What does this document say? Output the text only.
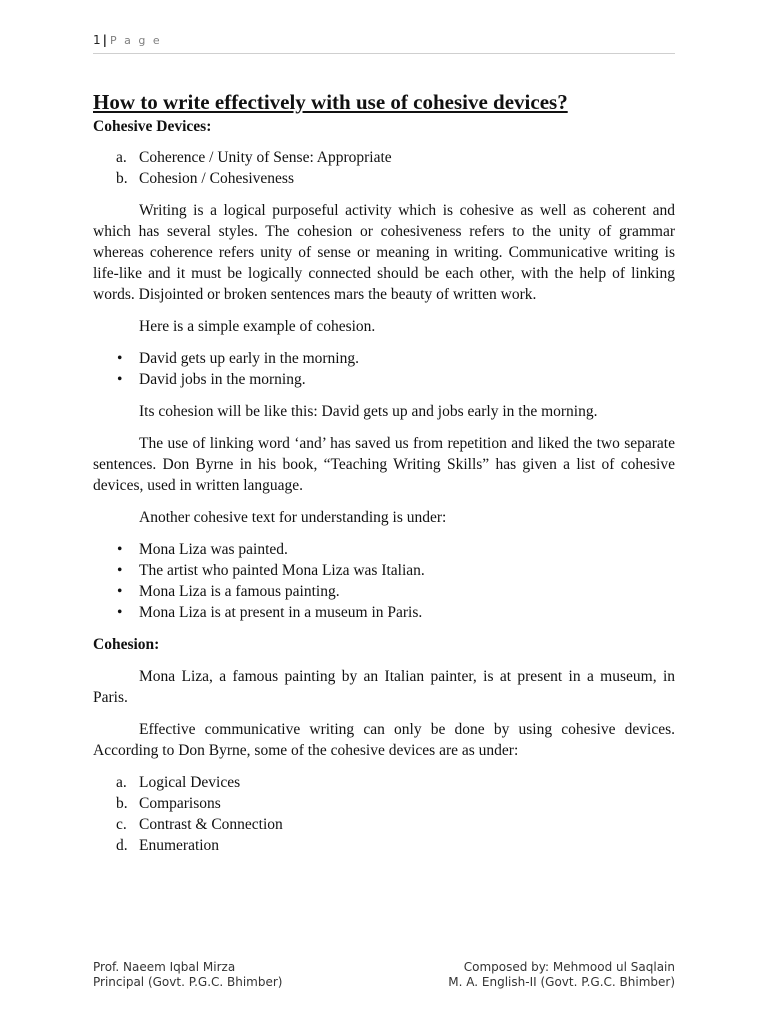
1 | P a g e
How to write effectively with use of cohesive devices?

Cohesive Devices:

a. Coherence / Unity of Sense: Appropriate
b. Cohesion / Cohesiveness

Writing is a logical purposeful activity which is cohesive as well as coherent and which has several styles. The cohesion or cohesiveness refers to the unity of grammar whereas coherence refers unity of sense or meaning in writing. Communicative writing is life-like and it must be logically connected should be each other, with the help of linking words. Disjointed or broken sentences mars the beauty of written work.

Here is a simple example of cohesion.

• David gets up early in the morning.
• David jobs in the morning.

Its cohesion will be like this: David gets up and jobs early in the morning.

The use of linking word ‘and’ has saved us from repetition and liked the two separate sentences. Don Byrne in his book, “Teaching Writing Skills” has given a list of cohesive devices, used in written language.

Another cohesive text for understanding is under:

• Mona Liza was painted.
• The artist who painted Mona Liza was Italian.
• Mona Liza is a famous painting.
• Mona Liza is at present in a museum in Paris.

Cohesion:

Mona Liza, a famous painting by an Italian painter, is at present in a museum, in Paris.

Effective communicative writing can only be done by using cohesive devices. According to Don Byrne, some of the cohesive devices are as under:

a. Logical Devices
b. Comparisons
c. Contrast & Connection
d. Enumeration
Prof. Naeem Iqbal Mirza
Principal (Govt. P.G.C. Bhimber)
Composed by: Mehmood ul Saqlain
M. A. English-II (Govt. P.G.C. Bhimber)
